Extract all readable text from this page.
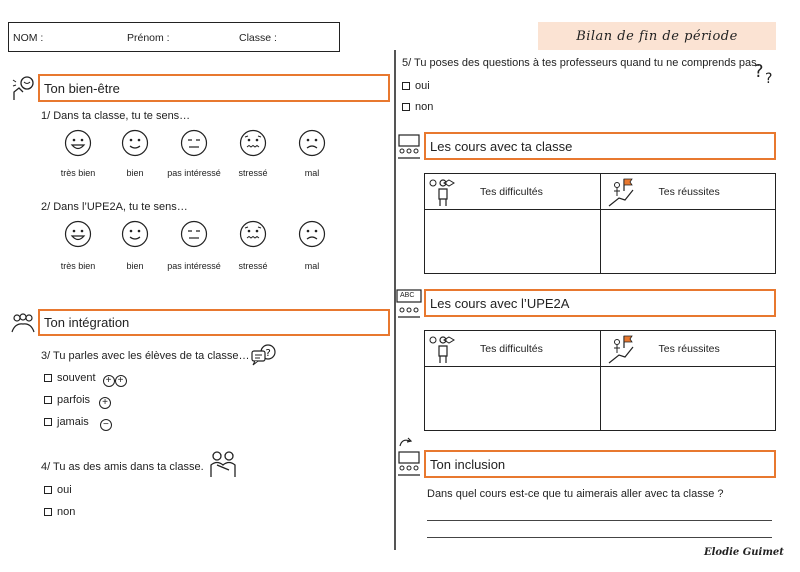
NOM :	Prénom :	Classe :	Bilan de fin de période
Ton bien-être
1/ Dans ta classe, tu te sens…
très bien	bien	pas intéressé	stressé	mal
très bien	bien	pas intéressé	stressé	mal
2/ Dans l’UPE2A, tu te sens…
Ton intégration
3/ Tu parles avec les élèves de ta classe… ?
souvent + +
parfois +
jamais −
4/ Tu as des amis dans ta classe.
oui
non
5/ Tu poses des questions à tes professeurs quand tu ne comprends pas.
? ?
oui
non
Les cours avec ta classe
Tes difficultés	Tes réussites

ABC	Les cours avec l’UPE2A
Tes difficultés	Tes réussites

Ton inclusion
Dans quel cours est-ce que tu aimerais aller avec ta classe ?
Elodie Guimet
